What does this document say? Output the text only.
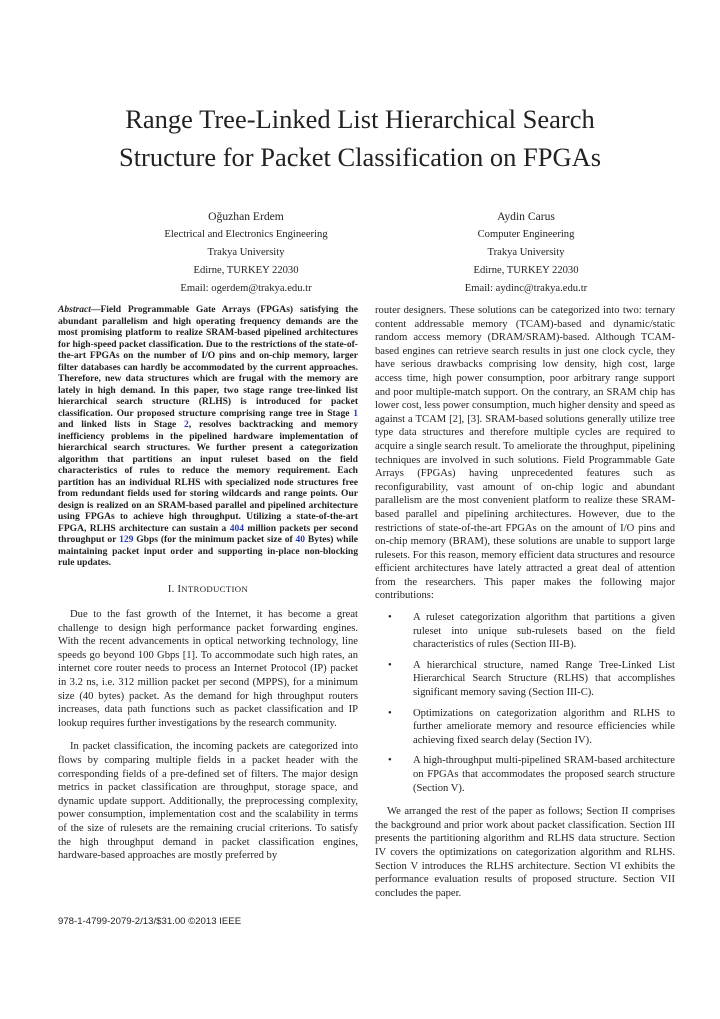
Range Tree-Linked List Hierarchical Search
Structure for Packet Classification on FPGAs
Oğuzhan Erdem
Electrical and Electronics Engineering
Trakya University
Edirne, TURKEY 22030
Email: ogerdem@trakya.edu.tr
Aydin Carus
Computer Engineering
Trakya University
Edirne, TURKEY 22030
Email: aydinc@trakya.edu.tr

Abstract—Field Programmable Gate Arrays (FPGAs) satisfying the abundant parallelism and high operating frequency demands are the most promising platform to realize SRAM-based pipelined architectures for high-speed packet classification. Due to the restrictions of the state-of-the-art FPGAs on the number of I/O pins and on-chip memory, larger filter databases can hardly be accommodated by the current approaches. Therefore, new data structures which are frugal with the memory are lately in high demand. In this paper, two stage range tree-linked list hierarchical search structure (RLHS) is introduced for packet classification. Our proposed structure comprising range tree in Stage 1 and linked lists in Stage 2, resolves backtracking and memory inefficiency problems in the pipelined hardware implementation of hierarchical search structures. We further present a categorization algorithm that partitions an input ruleset based on the field characteristics of rules to reduce the memory requirement. Each partition has an individual RLHS with specialized node structures free from redundant fields used for storing wildcards and range points. Our design is realized on an SRAM-based parallel and pipelined architecture using FPGAs to achieve high throughput. Utilizing a state-of-the-art FPGA, RLHS architecture can sustain a 404 million packets per second throughput or 129 Gbps (for the minimum packet size of 40 Bytes) while maintaining packet input order and supporting in-place non-blocking rule updates.

I. INTRODUCTION

Due to the fast growth of the Internet, it has become a great challenge to design high performance packet forwarding engines. With the recent advancements in optical networking technology, line speeds go beyond 100 Gbps [1]. To accommodate such high rates, an internet core router needs to process an Internet Protocol (IP) packet in 3.2 ns, i.e. 312 million packet per second (MPPS), for a minimum size (40 bytes) packet. As the demand for high throughput routers increases, data path functions such as packet classification and IP lookup requires further investigations by the research community.

In packet classification, the incoming packets are categorized into flows by comparing multiple fields in a packet header with the corresponding fields of a pre-defined set of filters. The major design metrics in packet classification are throughput, storage space, and dynamic update support. Additionally, the preprocessing complexity, power consumption, implementation cost and the scalability in terms of the size of rulesets are the remaining crucial criterions. To satisfy the high throughput demand in packet classification engines, hardware-based approaches are mostly preferred by

router designers. These solutions can be categorized into two: ternary content addressable memory (TCAM)-based and dynamic/static random access memory (DRAM/SRAM)-based. Although TCAM-based engines can retrieve search results in just one clock cycle, they have serious drawbacks comprising low density, high cost, large access time, high power consumption, poor arbitrary range support and poor multiple-match support. On the contrary, an SRAM chip has lower cost, less power consumption, much higher density and speed as against a TCAM [2], [3]. SRAM-based solutions generally utilize tree type data structures and therefore multiple cycles are required to acquire a single search result. To ameliorate the throughput, pipelining techniques are involved in such solutions. Field Programmable Gate Arrays (FPGAs) having unprecedented features such as reconfigurability, vast amount of on-chip logic and abundant parallelism are the most convenient platform to realize these SRAM-based parallel and pipelining architectures. However, due to the restrictions of state-of-the-art FPGAs on the amount of I/O pins and on-chip memory (BRAM), these solutions are unable to support large rulesets. For this reason, memory efficient data structures and resource efficient architectures have lately attracted a great deal of attention from the researchers. This paper makes the following major contributions:

• A ruleset categorization algorithm that partitions a given ruleset into unique sub-rulesets based on the field characteristics of rules (Section III-B).
• A hierarchical structure, named Range Tree-Linked List Hierarchical Search Structure (RLHS) that accomplishes significant memory saving (Section III-C).
• Optimizations on categorization algorithm and RLHS to further ameliorate memory and resource efficiencies while achieving fixed search delay (Section IV).
• A high-throughput multi-pipelined SRAM-based architecture on FPGAs that accommodates the proposed search structure (Section V).

We arranged the rest of the paper as follows; Section II comprises the background and prior work about packet classification. Section III presents the partitioning algorithm and RLHS data structure. Section IV covers the optimizations on categorization algorithm and RLHS. Section V introduces the RLHS architecture. Section VI exhibits the performance evaluation results of proposed structure. Section VII concludes the paper.

978-1-4799-2079-2/13/$31.00 ©2013 IEEE
